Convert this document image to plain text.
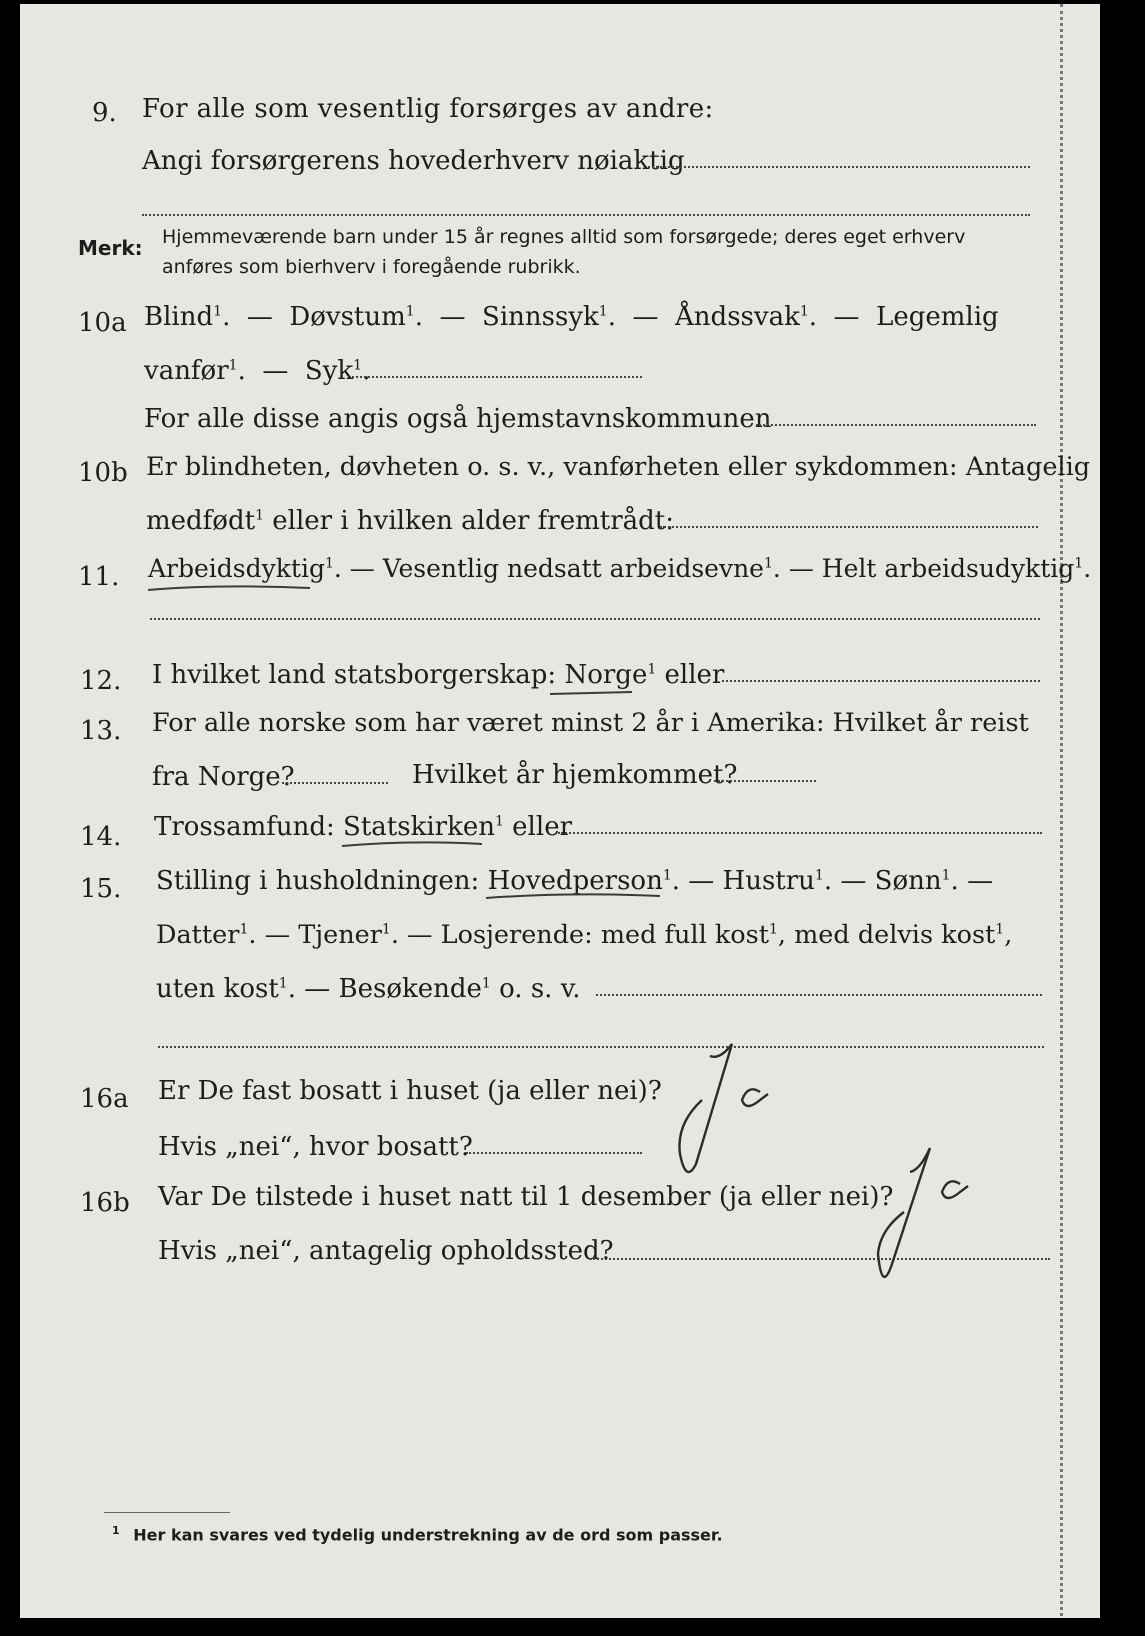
9. For alle som vesentlig forsørges av andre:
Angi forsørgerens hovederhverv nøiaktig
Merk: Hjemmeværende barn under 15 år regnes alltid som forsørgede; deres eget erhverv
anføres som bierhverv i foregående rubrikk.
10a Blind$^1$.  — Døvstum$^1$.  — Sinnssyk$^1$.  — Åndssvak$^1$.  — Legemlig
vanfør$^1$.  — Syk$^1$.
For alle disse angis også hjemstavnskommunen
10b Er blindheten, døvheten o. s. v., vanførheten eller sykdommen: Antagelig
medfødt$^1$ eller i hvilken alder fremtrådt:
11. Arbeidsdyktig$^1$. — Vesentlig nedsatt arbeidsevne$^1$. — Helt arbeidsudyktig$^1$.
12. I hvilket land statsborgerskap: Norge$^1$ eller
13. For alle norske som har været minst 2 år i Amerika: Hvilket år reist
fra Norge?	Hvilket år hjemkommet?
14. Trossamfund: Statskirken$^1$ eller
15. Stilling i husholdningen: Hovedperson$^1$. — Hustru$^1$. — Sønn$^1$. —
Datter$^1$. — Tjener$^1$. — Losjerende: med full kost$^1$, med delvis kost$^1$,
uten kost$^1$. — Besøkende$^1$ o. s. v.
16a Er De fast bosatt i huset (ja eller nei)?
Hvis „nei“, hvor bosatt?
16b Var De tilstede i huset natt til 1 desember (ja eller nei)?
Hvis „nei“, antagelig opholdssted?
$^1$ Her kan svares ved tydelig understrekning av de ord som passer.
